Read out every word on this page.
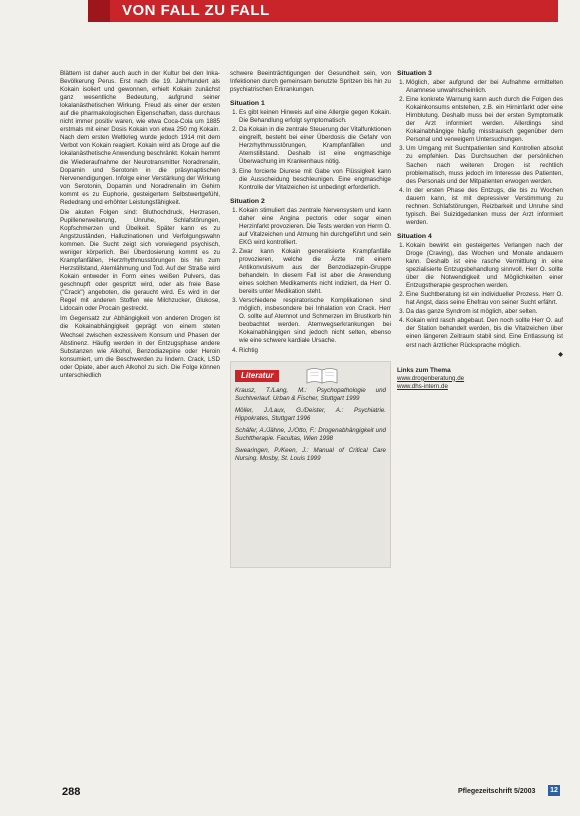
VON FALL ZU FALL

Blättern ist daher auch auch in der Kultur bei den Inka-Bevölkerung Perus. Erst nach die 19. Jahrhundert als Kokain isoliert und gewonnen, erhielt Kokain zunächst ganz wesentliche Bedeutung, aufgrund seiner lokalanästhetischen Wirkung. Freud als einer der ersten auf die pharmakologischen Eigenschaften, dass durchaus nicht immer positiv waren, wie etwa Coca-Cola um 1885 erstmals mit einer Dosis Kokain von etwa 250 mg Kokain. Nach dem ersten Weltkrieg wurde jedoch 1914 mit dem Verbot von Kokain reagiert. Kokain wird als Droge auf die lokalanästhetische Anwendung beschränkt. Kokain hemmt die Wiederaufnahme der Neurotransmitter Noradrenalin, Dopamin und Serotonin in die präsynaptischen Nervenendigungen. Infolge einer Verstärkung der Wirkung von Serotonin, Dopamin und Noradrenalin im Gehirn kommt es zu Euphorie, gesteigertem Selbstwertgefühl, Rededrang und erhöhter Leistungsfähigkeit.

Die akuten Folgen sind: Bluthochdruck, Herzrasen, Pupillenerweiterung, Unruhe, Schlafstörungen, Kopfschmerzen und Übelkeit. Später kann es zu Angstzuständen, Halluzinationen und Verfolgungswahn kommen. Die Sucht zeigt sich vorwiegend psychisch, weniger körperlich. Bei Überdosierung kommt es zu Krampfanfällen, Herzrhythmusstörungen bis hin zum Herzstillstand, Atemlähmung und Tod. Auf der Straße wird Kokain entweder in Form eines weißen Pulvers, das geschnupft oder gespritzt wird, oder als freie Base ("Crack") angeboten, die geraucht wird. Es wird in der Regel mit anderen Stoffen wie Milchzucker, Glukose, Lidocain oder Procain gestreckt.

Im Gegensatz zur Abhängigkeit von anderen Drogen ist die Kokainabhängigkeit geprägt von einem steten Wechsel zwischen exzessivem Konsum und Phasen der Abstinenz. Häufig werden in der Entzugsphase andere Substanzen wie Alkohol, Benzodiazepine oder Heroin konsumiert, um die Beschwerden zu lindern. Crack, LSD oder Opiate, aber auch Alkohol zu sich. Die Folge können unterschiedlich

schwere Beeinträchtigungen der Gesundheit sein, von Infektionen durch gemeinsam benutzte Spritzen bis hin zu psychiatrischen Erkrankungen.

Situation 1
1. Es gibt keinen Hinweis auf eine Allergie gegen Kokain. Die Behandlung erfolgt symptomatisch.
2. Da Kokain in die zentrale Steuerung der Vitalfunktionen eingreift, besteht bei einer Überdosis die Gefahr von Herzrhythmusstörungen, Krampfanfällen und Atemstillstand. Deshalb ist eine engmaschige Überwachung im Krankenhaus nötig.
3. Eine forcierte Diurese mit Gabe von Flüssigkeit kann die Ausscheidung beschleunigen. Eine engmaschige Kontrolle der Vitalzeichen ist unbedingt erforderlich.
Situation 2
1. Kokain stimuliert das zentrale Nervensystem und kann daher eine Angina pectoris oder sogar einen Herzinfarkt provozieren. Die Tests werden von Herrn O. auf Vitalzeichen und Atmung hin durchgeführt und sein EKG wird kontrolliert.
2. Zwar kann Kokain generalisierte Krampfanfälle provozieren, welche die Ärzte mit einem Antikonvulsivum aus der Benzodiazepin-Gruppe behandeln. In diesem Fall ist aber die Anwendung eines solchen Medikaments nicht indiziert, da Herr O. bereits unter Medikation steht.
3. Verschiedene respiratorische Komplikationen sind möglich, insbesondere bei Inhalation von Crack. Herr O. sollte auf Atemnot und Schmerzen im Brustkorb hin beobachtet werden. Atemwegserkrankungen bei Kokainabhängigen sind jedoch nicht selten, ebenso wie eine schwere kardiale Ursache.
4. Richtig
Literatur

Krausz, T./Lang, M.: Psychopathologie und Suchtverlauf. Urban & Fischer, Stuttgart 1999

Möller, J./Laux, G./Deister, A.: Psychiatrie. Hippokrates, Stuttgart 1996

Schäfer, A./Jähne, J./Otto, F.: Drogenabhängigkeit und Suchttherapie. Facultas, Wien 1998

Swearingen, P./Keen, J.: Manual of Critical Care Nursing. Mosby, St. Louis 1999

Situation 3
1. Möglich, aber aufgrund der bei Aufnahme ermittelten Anamnese unwahrscheinlich.
2. Eine konkrete Warnung kann auch durch die Folgen des Kokainkonsums entstehen, z.B. ein Hirninfarkt oder eine Hirnblutung. Deshalb muss bei der ersten Symptomatik der Arzt informiert werden. Allerdings sind Kokainabhängige häufig misstrauisch gegenüber dem Personal und verweigern Untersuchungen.
3. Um Umgang mit Suchtpatienten sind Kontrollen absolut zu empfehlen. Das Durchsuchen der persönlichen Sachen nach weiteren Drogen ist rechtlich problematisch, muss jedoch im Interesse des Patienten, des Personals und der Mitpatienten erwogen werden.
4. In der ersten Phase des Entzugs, die bis zu Wochen dauern kann, ist mit depressiver Verstimmung zu rechnen. Schlafstörungen, Reizbarkeit und Unruhe sind typisch. Bei Suizidgedanken muss der Arzt informiert werden.
Situation 4
1. Kokain bewirkt ein gesteigertes Verlangen nach der Droge (Craving), das Wochen und Monate andauern kann. Deshalb ist eine rasche Vermittlung in eine spezialisierte Entzugsbehandlung sinnvoll. Herr O. sollte über die Notwendigkeit und Möglichkeiten einer Entzugstherapie gesprochen werden.
2. Eine Suchtberatung ist ein individueller Prozess. Herr O. hat Angst, dass seine Ehefrau von seiner Sucht erfährt.
3. Da das ganze Syndrom ist möglich, aber selten.
4. Kokain wird rasch abgebaut. Den noch sollte Herr O. auf der Station behandelt werden, bis die Vitalzeichen über einen längeren Zeitraum stabil sind. Eine Entlassung ist erst nach ärztlicher Rücksprache möglich.
◆
Links zum Thema
www.drogenberatung.de
www.dhs-intern.de
288	Pflegezeitschrift 5/2003 12
